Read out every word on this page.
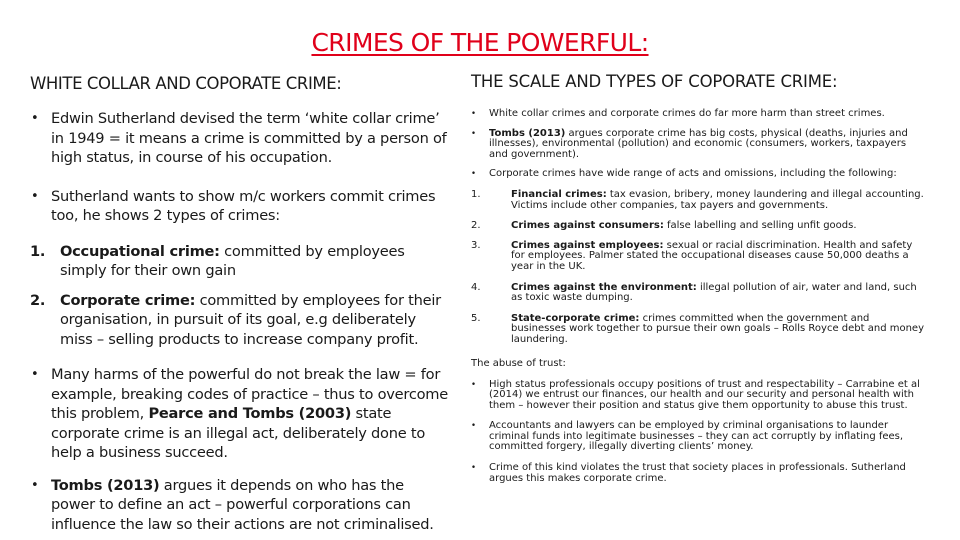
CRIMES OF THE POWERFUL:
WHITE COLLAR AND COPORATE CRIME:
• Edwin Sutherland devised the term ‘white collar crime’ in 1949 = it means a crime is committed by a person of high status, in course of his occupation.
• Sutherland wants to show m/c workers commit crimes too, he shows 2 types of crimes:
1. Occupational crime: committed by employees simply for their own gain
2. Corporate crime: committed by employees for their organisation, in pursuit of its goal, e.g deliberately miss – selling products to increase company profit.
• Many harms of the powerful do not break the law = for example, breaking codes of practice – thus to overcome this problem, Pearce and Tombs (2003) state corporate crime is an illegal act, deliberately done to help a business succeed.
• Tombs (2013) argues it depends on who has the power to define an act – powerful corporations can influence the law so their actions are not criminalised.
THE SCALE AND TYPES OF COPORATE CRIME:
• White collar crimes and corporate crimes do far more harm than street crimes.
• Tombs (2013) argues corporate crime has big costs, physical (deaths, injuries and illnesses), environmental (pollution) and economic (consumers, workers, taxpayers and government).
• Corporate crimes have wide range of acts and omissions, including the following:
1.	Financial crimes: tax evasion, bribery, money laundering and illegal accounting. Victims include other companies, tax payers and governments.
2.	Crimes against consumers: false labelling and selling unfit goods.
3.	Crimes against employees: sexual or racial discrimination. Health and safety for employees. Palmer stated the occupational diseases cause 50,000 deaths a year in the UK.
4.	Crimes against the environment: illegal pollution of air, water and land, such as toxic waste dumping.
5.	State-corporate crime: crimes committed when the government and businesses work together to pursue their own goals – Rolls Royce debt and money laundering.
The abuse of trust:
• High status professionals occupy positions of trust and respectability – Carrabine et al (2014) we entrust our finances, our health and our security and personal health with them – however their position and status give them opportunity to abuse this trust.
• Accountants and lawyers can be employed by criminal organisations to launder criminal funds into legitimate businesses – they can act corruptly by inflating fees, committed forgery, illegally diverting clients’ money.
• Crime of this kind violates the trust that society places in professionals. Sutherland argues this makes corporate crime.
